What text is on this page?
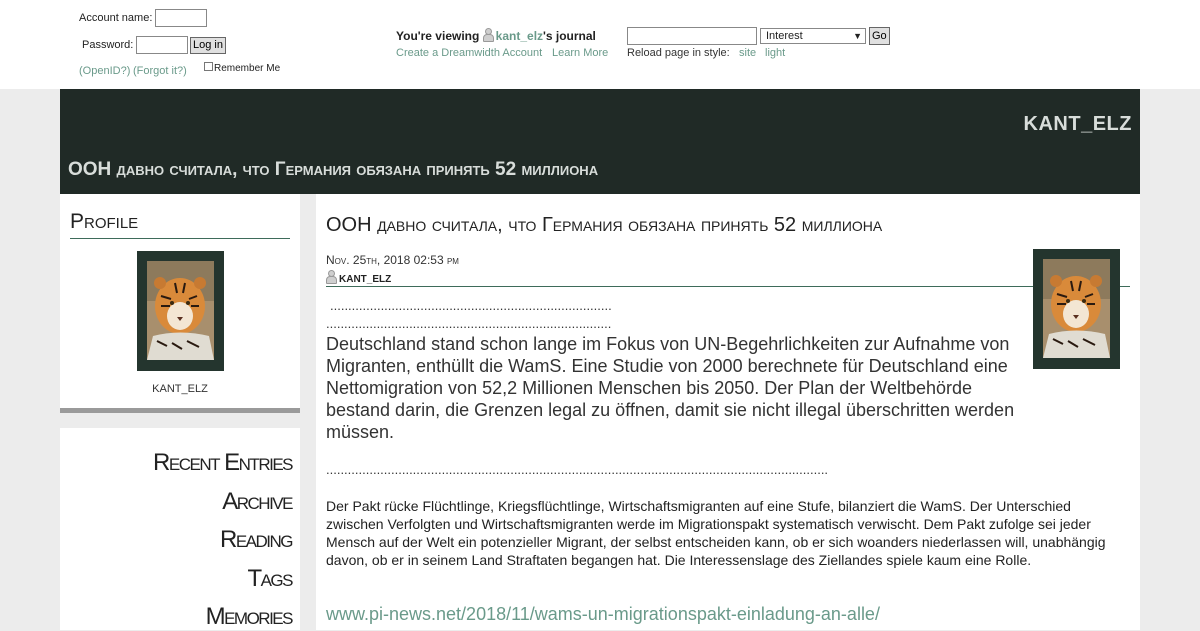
Account name:
Password:	Log in
(OpenID?) (Forgot it?)	Remember Me
You're viewing kant_elz's journal
Create a Dreamwidth Account Learn More
Interest	▼ Go
Reload page in style: site light
KANT_ELZ
ООН давно считала, что Германия обязана принять 52 миллиона
Profile
KANT_ELZ
Recent Entries
Archive
Reading
Tags
Memories
ООН давно считала, что Германия обязана принять 52 миллиона
Nov. 25th, 2018 02:53 pm
KANT_ELZ
..............................................................................
...............................................................................
Deutschland stand schon lange im Fokus von UN-Begehrlichkeiten zur Aufnahme von Migranten, enthüllt die WamS. Eine Studie von 2000 berechnete für Deutschland eine Nettomigration von 52,2 Millionen Menschen bis 2050. Der Plan der Weltbehörde bestand darin, die Grenzen legal zu öffnen, damit sie nicht illegal überschritten werden müssen.
...........................................................................................................................................
Der Pakt rücke Flüchtlinge, Kriegsflüchtlinge, Wirtschaftsmigranten auf eine Stufe, bilanziert die WamS. Der Unterschied zwischen Verfolgten und Wirtschaftsmigranten werde im Migrationspakt systematisch verwischt. Dem Pakt zufolge sei jeder Mensch auf der Welt ein potenzieller Migrant, der selbst entscheiden kann, ob er sich woanders niederlassen will, unabhängig davon, ob er in seinem Land Straftaten begangen hat. Die Interessenslage des Ziellandes spiele kaum eine Rolle.
www.pi-news.net/2018/11/wams-un-migrationspakt-einladung-an-alle/
